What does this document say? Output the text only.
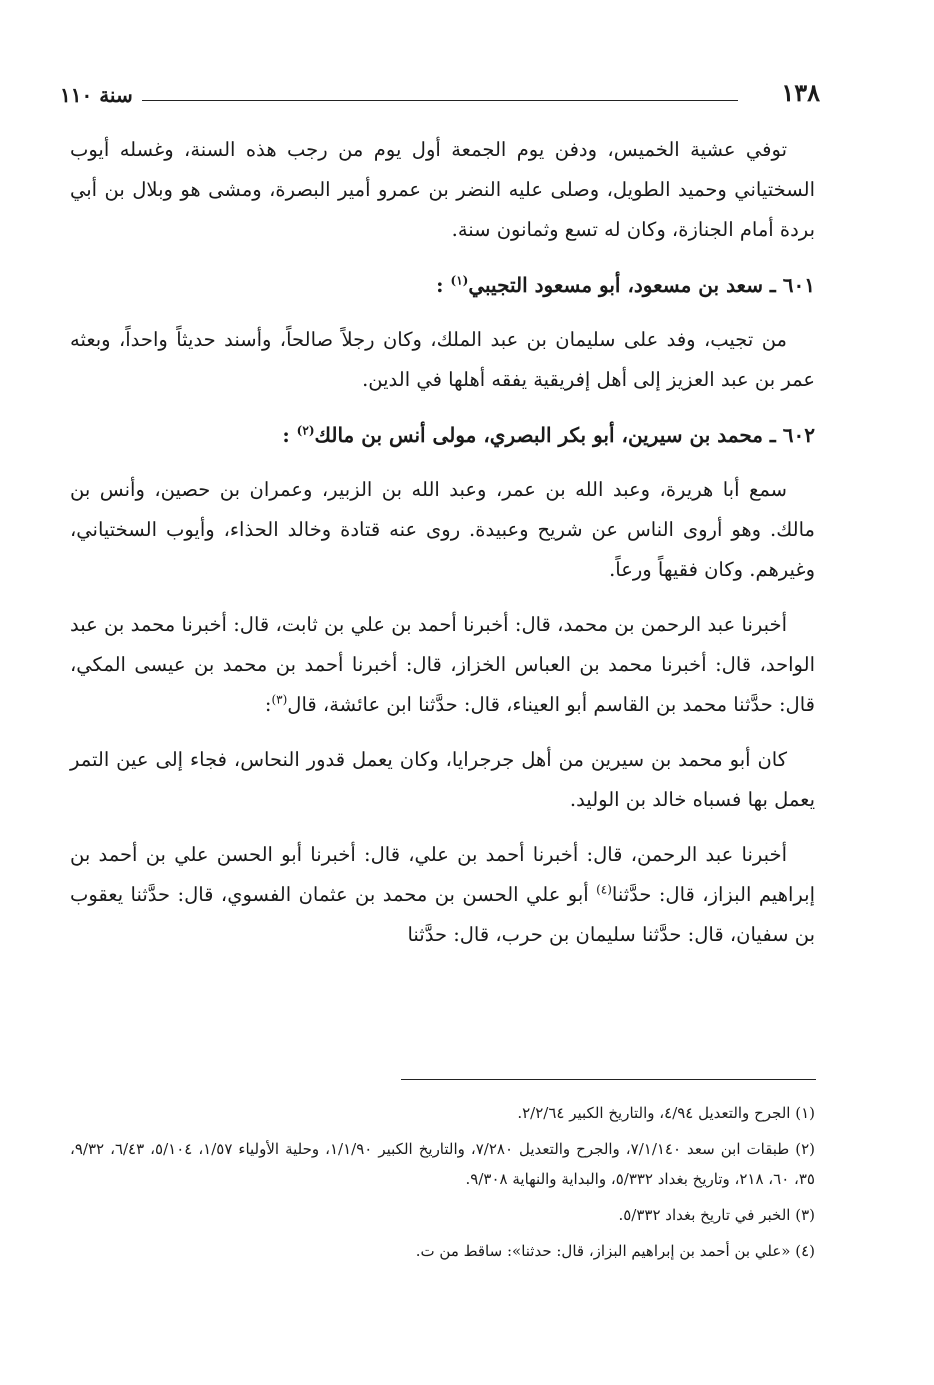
١٣٨
سنة ١١٠

توفي عشية الخميس، ودفن يوم الجمعة أول يوم من رجب هذه السنة، وغسله أيوب السختياني وحميد الطويل، وصلى عليه النضر بن عمرو أمير البصرة، ومشى هو وبلال بن أبي بردة أمام الجنازة، وكان له تسع وثمانون سنة.

٦٠١ ـ سعد بن مسعود، أبو مسعود التجيبي$^{(١)}$ :

من تجيب، وفد على سليمان بن عبد الملك، وكان رجلاً صالحاً، وأسند حديثاً واحداً، وبعثه عمر بن عبد العزيز إلى أهل إفريقية يفقه أهلها في الدين.

٦٠٢ ـ محمد بن سيرين، أبو بكر البصري، مولى أنس بن مالك$^{(٢)}$ :

سمع أبا هريرة، وعبد الله بن عمر، وعبد الله بن الزبير، وعمران بن حصين، وأنس بن مالك. وهو أروى الناس عن شريح وعبيدة. روى عنه قتادة وخالد الحذاء، وأيوب السختياني، وغيرهم. وكان فقيهاً ورعاً.

أخبرنا عبد الرحمن بن محمد، قال: أخبرنا أحمد بن علي بن ثابت، قال: أخبرنا محمد بن عبد الواحد، قال: أخبرنا محمد بن العباس الخزاز، قال: أخبرنا أحمد بن محمد بن عيسى المكي، قال: حدَّثنا محمد بن القاسم أبو العيناء، قال: حدَّثنا ابن عائشة، قال$^{(٣)}$:

كان أبو محمد بن سيرين من أهل جرجرايا، وكان يعمل قدور النحاس، فجاء إلى عين التمر يعمل بها فسباه خالد بن الوليد.

أخبرنا عبد الرحمن، قال: أخبرنا أحمد بن علي، قال: أخبرنا أبو الحسن علي بن أحمد بن إبراهيم البزاز، قال: حدَّثنا$^{(٤)}$ أبو علي الحسن بن محمد بن عثمان الفسوي، قال: حدَّثنا يعقوب بن سفيان، قال: حدَّثنا سليمان بن حرب، قال: حدَّثنا

(١) الجرح والتعديل ٤/٩٤، والتاريخ الكبير ٢/٢/٦٤.

(٢) طبقات ابن سعد ٧/١/١٤٠، والجرح والتعديل ٧/٢٨٠، والتاريخ الكبير ١/١/٩٠، وحلية الأولياء ١/٥٧، ٥/١٠٤، ٦/٤٣، ٩/٣٢، ٣٥، ٦٠، ٢١٨، وتاريخ بغداد ٥/٣٣٢، والبداية والنهاية ٩/٣٠٨.

(٣) الخبر في تاريخ بغداد ٥/٣٣٢.

(٤) «علي بن أحمد بن إبراهيم البزاز، قال: حدثنا»: ساقط من ت.
